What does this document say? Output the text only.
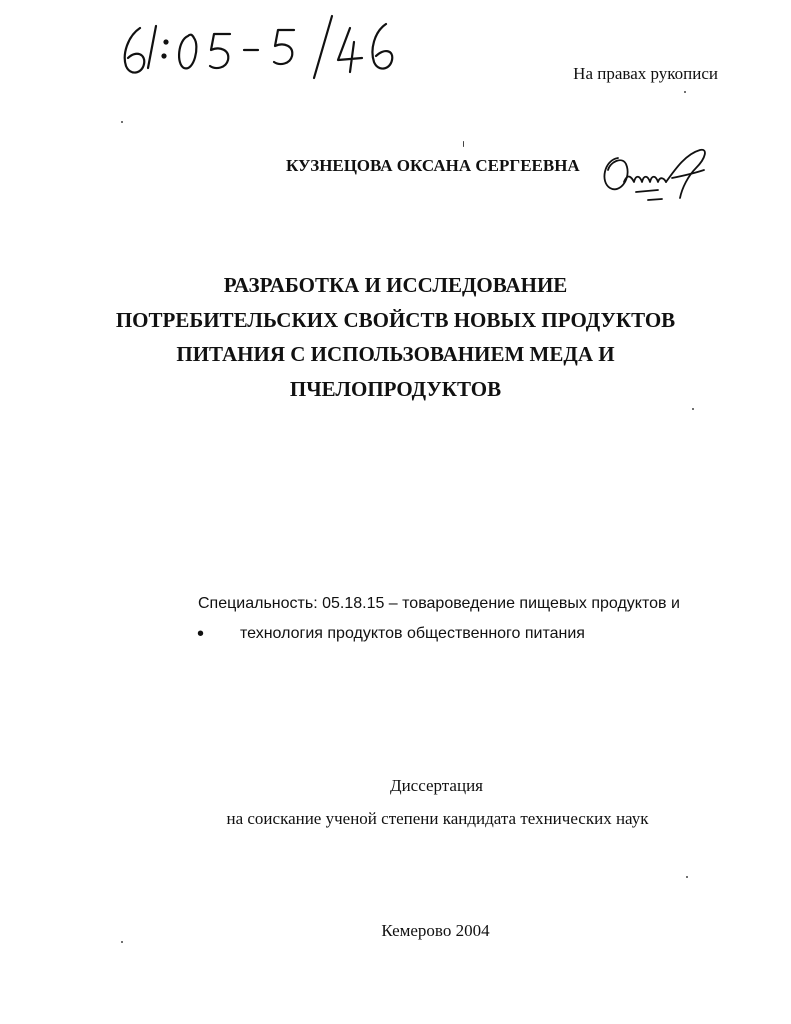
На правах рукописи
КУЗНЕЦОВА ОКСАНА СЕРГЕЕВНА
РАЗРАБОТКА И ИССЛЕДОВАНИЕ
ПОТРЕБИТЕЛЬСКИХ СВОЙСТВ НОВЫХ ПРОДУКТОВ
ПИТАНИЯ С ИСПОЛЬЗОВАНИЕМ МЕДА И
ПЧЕЛОПРОДУКТОВ
Специальность: 05.18.15 – товароведение пищевых продуктов и
• технология продуктов общественного питания
Диссертация
на соискание ученой степени кандидата технических наук
Кемерово 2004
